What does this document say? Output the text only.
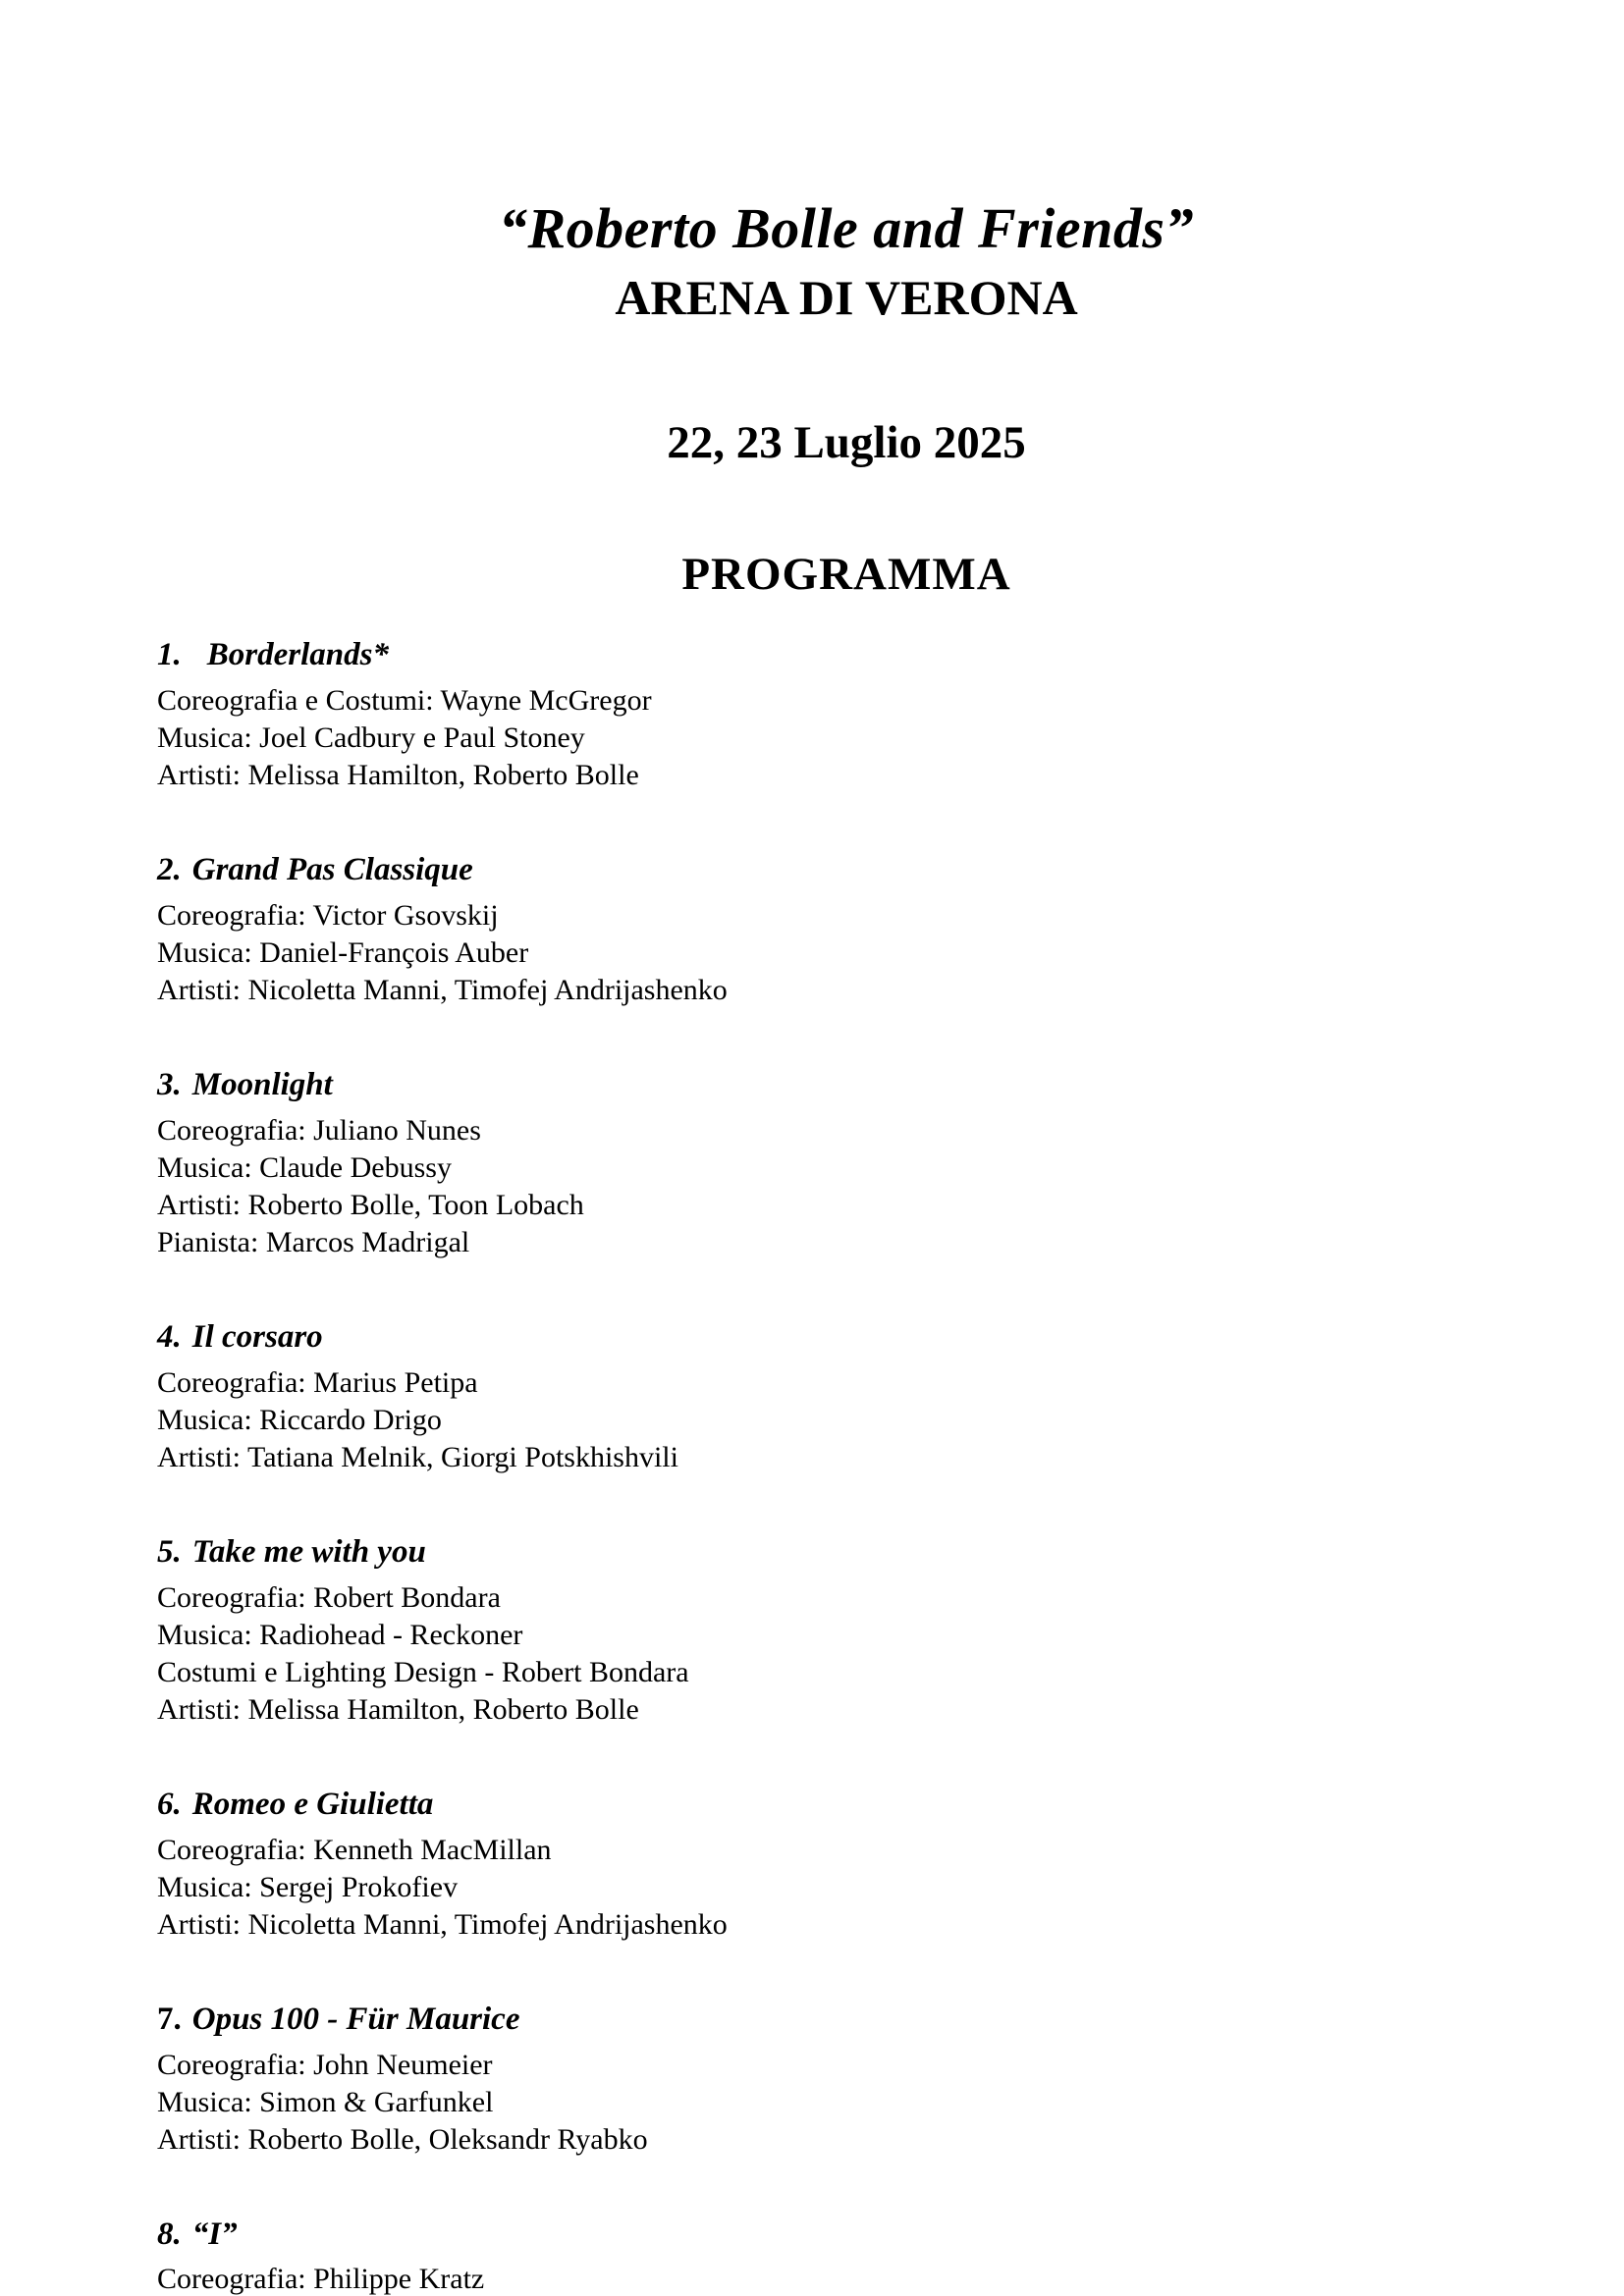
“Roberto Bolle and Friends”
ARENA DI VERONA

22, 23 Luglio 2025

PROGRAMMA

1. Borderlands*

Coreografia e Costumi: Wayne McGregor

Musica: Joel Cadbury e Paul Stoney

Artisti: Melissa Hamilton, Roberto Bolle

2. Grand Pas Classique

Coreografia: Victor Gsovskij

Musica: Daniel-François Auber

Artisti: Nicoletta Manni, Timofej Andrijashenko

3. Moonlight

Coreografia: Juliano Nunes

Musica: Claude Debussy

Artisti: Roberto Bolle, Toon Lobach

Pianista: Marcos Madrigal

4. Il corsaro

Coreografia: Marius Petipa

Musica: Riccardo Drigo

Artisti: Tatiana Melnik, Giorgi Potskhishvili

5. Take me with you

Coreografia: Robert Bondara

Musica: Radiohead - Reckoner

Costumi e Lighting Design - Robert Bondara

Artisti: Melissa Hamilton, Roberto Bolle

6. Romeo e Giulietta

Coreografia: Kenneth MacMillan

Musica: Sergej Prokofiev

Artisti: Nicoletta Manni, Timofej Andrijashenko

7. Opus 100 - Für Maurice

Coreografia: John Neumeier

Musica: Simon & Garfunkel

Artisti: Roberto Bolle, Oleksandr Ryabko

8. “I”

Coreografia: Philippe Kratz
